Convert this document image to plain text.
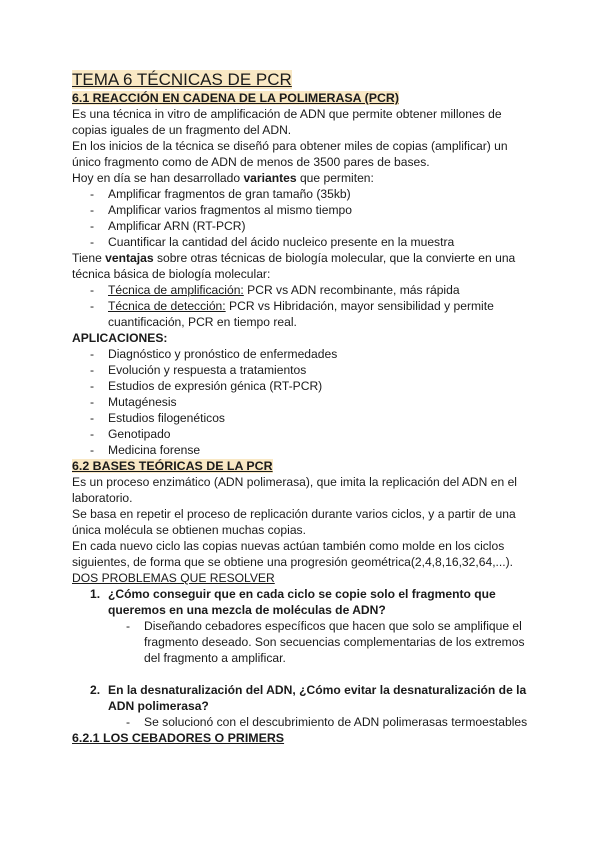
TEMA 6 TÉCNICAS DE PCR
6.1 REACCIÓN EN CADENA DE LA POLIMERASA (PCR)

Es una técnica in vitro de amplificación de ADN que permite obtener millones de copias iguales de un fragmento del ADN.

En los inicios de la técnica se diseñó para obtener miles de copias (amplificar) un único fragmento como de ADN de menos de 3500 pares de bases.

Hoy en día se han desarrollado variantes que permiten:

- Amplificar fragmentos de gran tamaño (35kb)
- Amplificar varios fragmentos al mismo tiempo
- Amplificar ARN (RT-PCR)
- Cuantificar la cantidad del ácido nucleico presente en la muestra

Tiene ventajas sobre otras técnicas de biología molecular, que la convierte en una técnica básica de biología molecular:

- Técnica de amplificación: PCR vs ADN recombinante, más rápida
- Técnica de detección: PCR vs Hibridación, mayor sensibilidad y permite cuantificación, PCR en tiempo real.

APLICACIONES:

- Diagnóstico y pronóstico de enfermedades
- Evolución y respuesta a tratamientos
- Estudios de expresión génica (RT-PCR)
- Mutagénesis
- Estudios filogenéticos
- Genotipado
- Medicina forense
6.2 BASES TEÓRICAS DE LA PCR

Es un proceso enzimático (ADN polimerasa), que imita la replicación del ADN en el laboratorio.

Se basa en repetir el proceso de replicación durante varios ciclos, y a partir de una única molécula se obtienen muchas copias.

En cada nuevo ciclo las copias nuevas actúan también como molde en los ciclos siguientes, de forma que se obtiene una progresión geométrica(2,4,8,16,32,64,...).

DOS PROBLEMAS QUE RESOLVER

1. ¿Cómo conseguir que en cada ciclo se copie solo el fragmento que queremos en una mezcla de moléculas de ADN?
- Diseñando cebadores específicos que hacen que solo se amplifique el fragmento deseado. Son secuencias complementarias de los extremos del fragmento a amplificar.
2. En la desnaturalización del ADN, ¿Cómo evitar la desnaturalización de la ADN polimerasa?
- Se solucionó con el descubrimiento de ADN polimerasas termoestables
6.2.1 LOS CEBADORES O PRIMERS
